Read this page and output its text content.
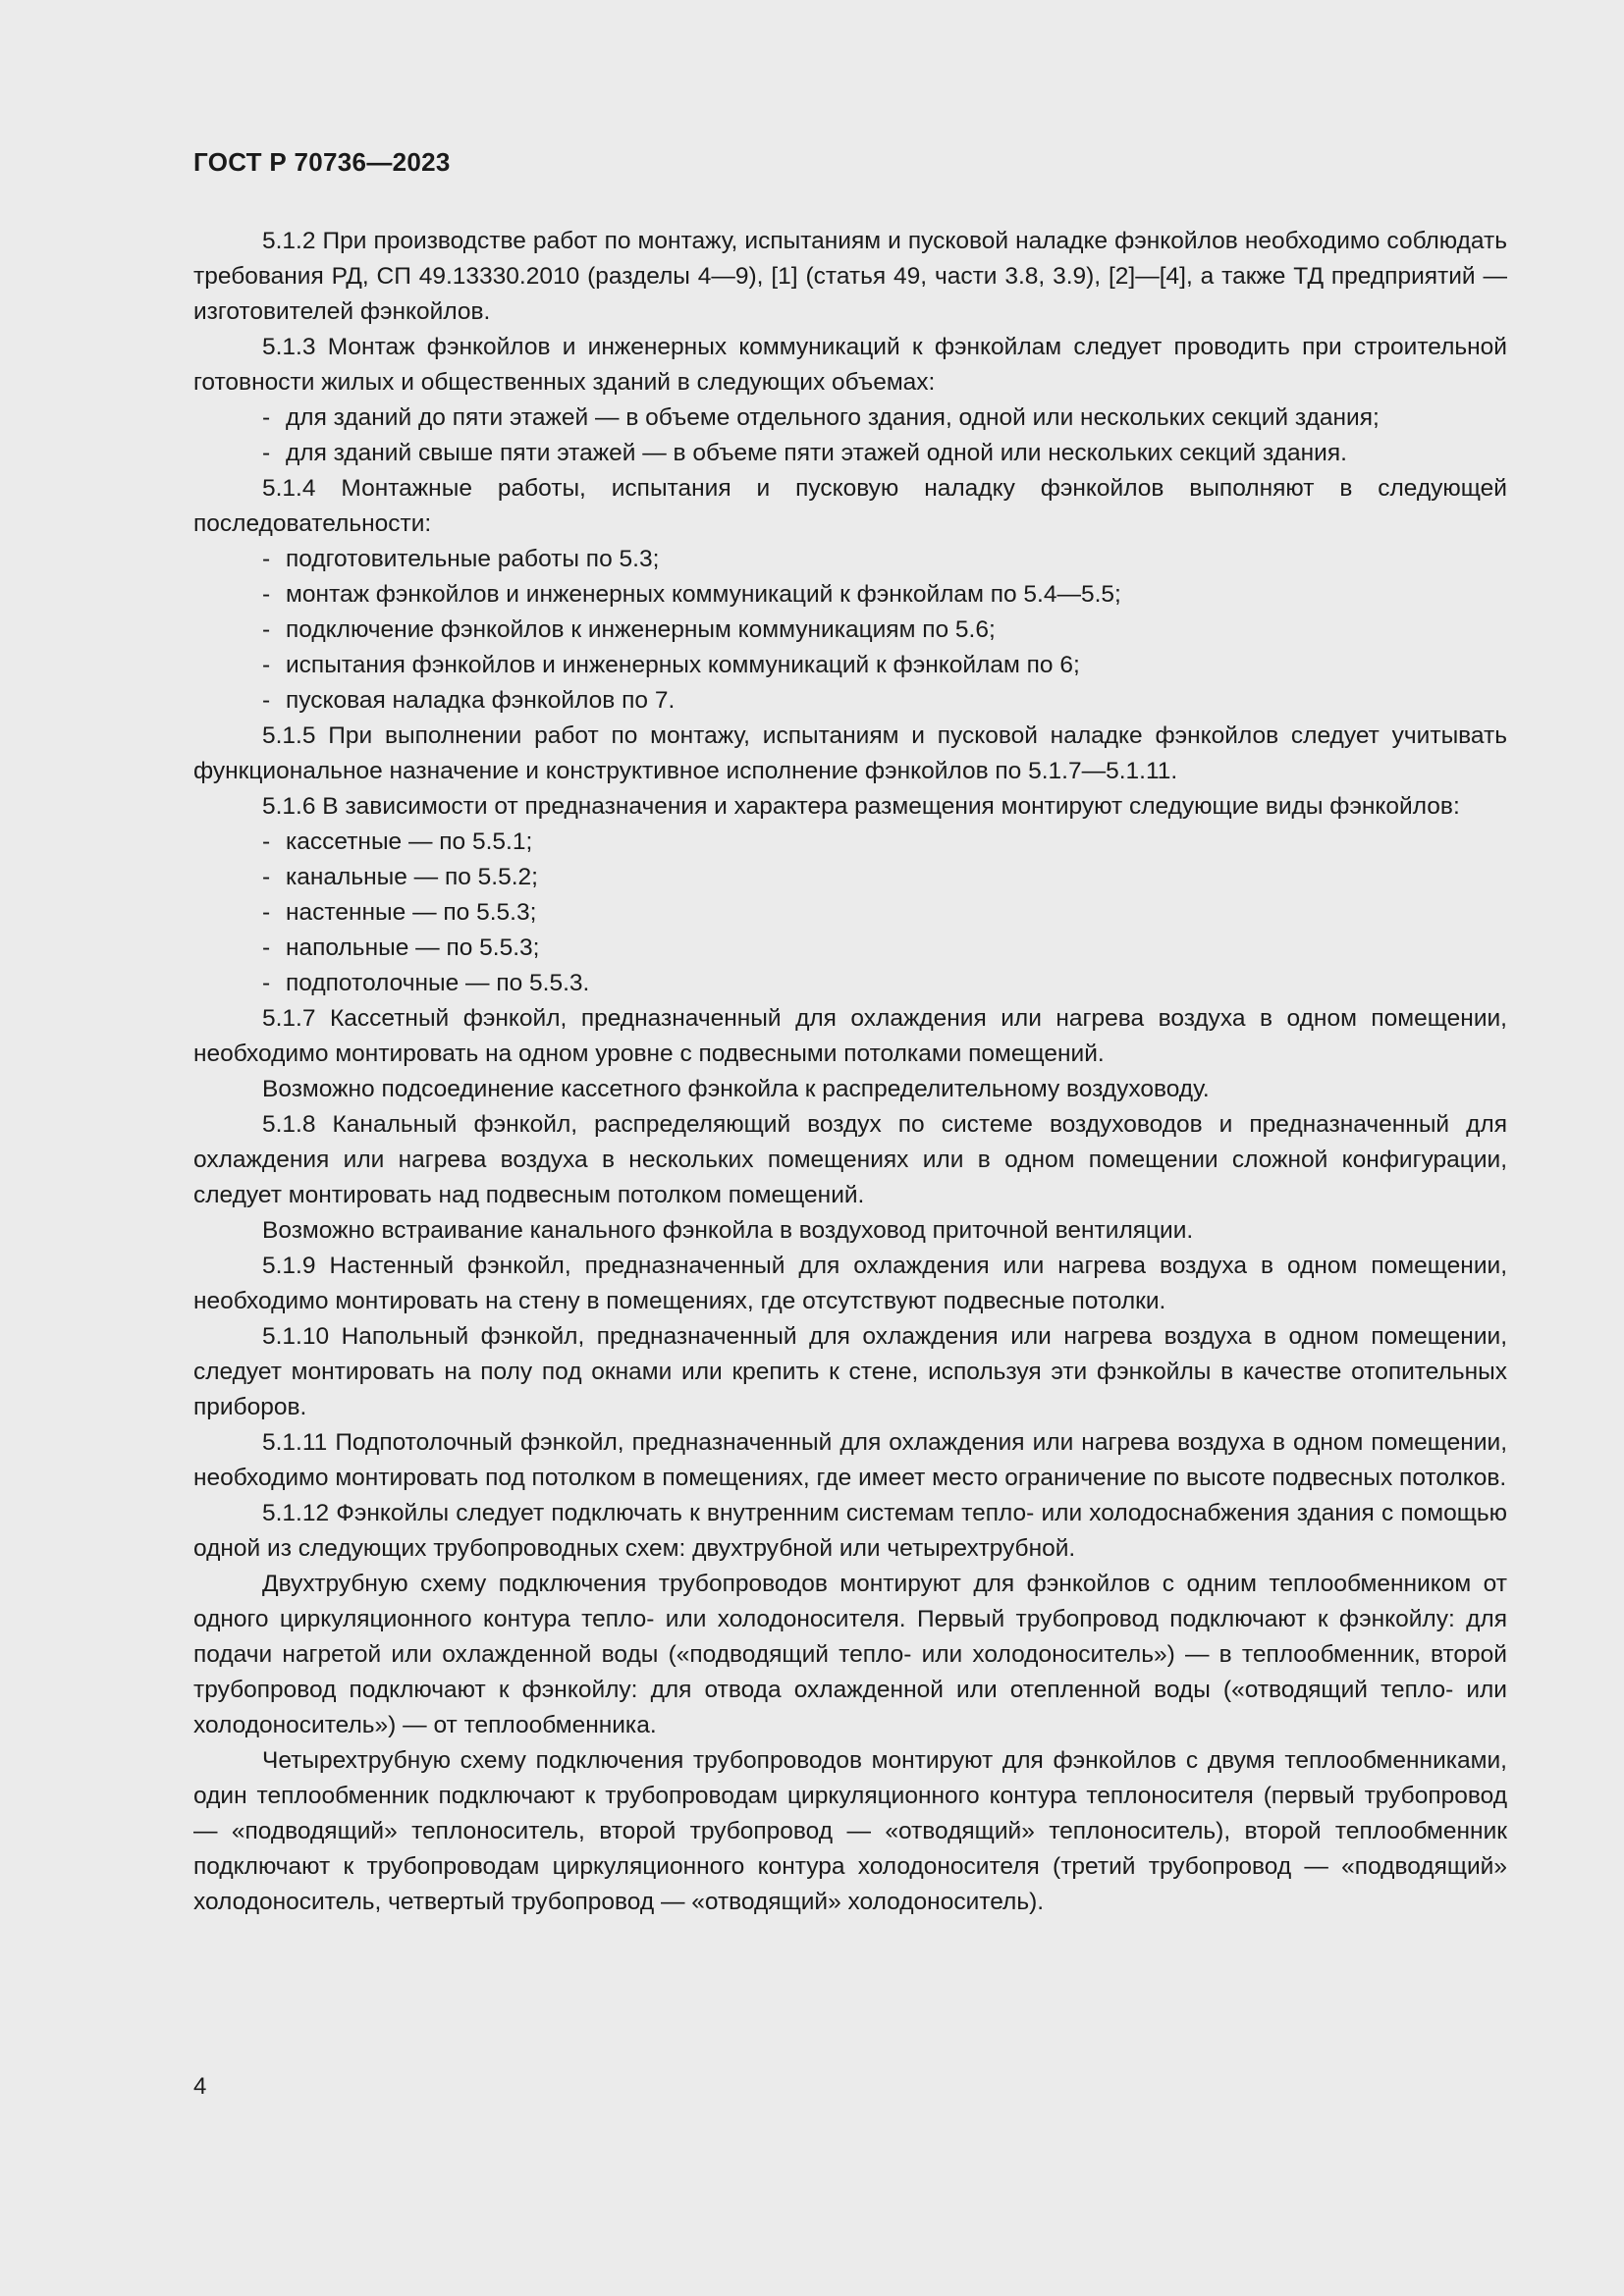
ГОСТ Р 70736—2023

5.1.2 При производстве работ по монтажу, испытаниям и пусковой наладке фэнкойлов необходимо соблюдать требования РД, СП 49.13330.2010 (разделы 4—9), [1] (статья 49, части 3.8, 3.9), [2]—[4], а также ТД предприятий — изготовителей фэнкойлов.

5.1.3 Монтаж фэнкойлов и инженерных коммуникаций к фэнкойлам следует проводить при строительной готовности жилых и общественных зданий в следующих объемах:

- для зданий до пяти этажей — в объеме отдельного здания, одной или нескольких секций здания;
- для зданий свыше пяти этажей — в объеме пяти этажей одной или нескольких секций здания.

5.1.4 Монтажные работы, испытания и пусковую наладку фэнкойлов выполняют в следующей последовательности:

- подготовительные работы по 5.3;
- монтаж фэнкойлов и инженерных коммуникаций к фэнкойлам по 5.4—5.5;
- подключение фэнкойлов к инженерным коммуникациям по 5.6;
- испытания фэнкойлов и инженерных коммуникаций к фэнкойлам по 6;
- пусковая наладка фэнкойлов по 7.

5.1.5 При выполнении работ по монтажу, испытаниям и пусковой наладке фэнкойлов следует учитывать функциональное назначение и конструктивное исполнение фэнкойлов по 5.1.7—5.1.11.

5.1.6 В зависимости от предназначения и характера размещения монтируют следующие виды фэнкойлов:

- кассетные — по 5.5.1;
- канальные — по 5.5.2;
- настенные — по 5.5.3;
- напольные — по 5.5.3;
- подпотолочные — по 5.5.3.

5.1.7 Кассетный фэнкойл, предназначенный для охлаждения или нагрева воздуха в одном помещении, необходимо монтировать на одном уровне с подвесными потолками помещений.

Возможно подсоединение кассетного фэнкойла к распределительному воздуховоду.

5.1.8 Канальный фэнкойл, распределяющий воздух по системе воздуховодов и предназначенный для охлаждения или нагрева воздуха в нескольких помещениях или в одном помещении сложной конфигурации, следует монтировать над подвесным потолком помещений.

Возможно встраивание канального фэнкойла в воздуховод приточной вентиляции.

5.1.9 Настенный фэнкойл, предназначенный для охлаждения или нагрева воздуха в одном помещении, необходимо монтировать на стену в помещениях, где отсутствуют подвесные потолки.

5.1.10 Напольный фэнкойл, предназначенный для охлаждения или нагрева воздуха в одном помещении, следует монтировать на полу под окнами или крепить к стене, используя эти фэнкойлы в качестве отопительных приборов.

5.1.11 Подпотолочный фэнкойл, предназначенный для охлаждения или нагрева воздуха в одном помещении, необходимо монтировать под потолком в помещениях, где имеет место ограничение по высоте подвесных потолков.

5.1.12 Фэнкойлы следует подключать к внутренним системам тепло- или холодоснабжения здания с помощью одной из следующих трубопроводных схем: двухтрубной или четырехтрубной.

Двухтрубную схему подключения трубопроводов монтируют для фэнкойлов с одним теплообменником от одного циркуляционного контура тепло- или холодоносителя. Первый трубопровод подключают к фэнкойлу: для подачи нагретой или охлажденной воды («подводящий тепло- или холодоноситель») — в теплообменник, второй трубопровод подключают к фэнкойлу: для отвода охлажденной или отепленной воды («отводящий тепло- или холодоноситель») — от теплообменника.

Четырехтрубную схему подключения трубопроводов монтируют для фэнкойлов с двумя теплообменниками, один теплообменник подключают к трубопроводам циркуляционного контура теплоносителя (первый трубопровод — «подводящий» теплоноситель, второй трубопровод — «отводящий» теплоноситель), второй теплообменник подключают к трубопроводам циркуляционного контура холодоносителя (третий трубопровод — «подводящий» холодоноситель, четвертый трубопровод — «отводящий» холодоноситель).

4
